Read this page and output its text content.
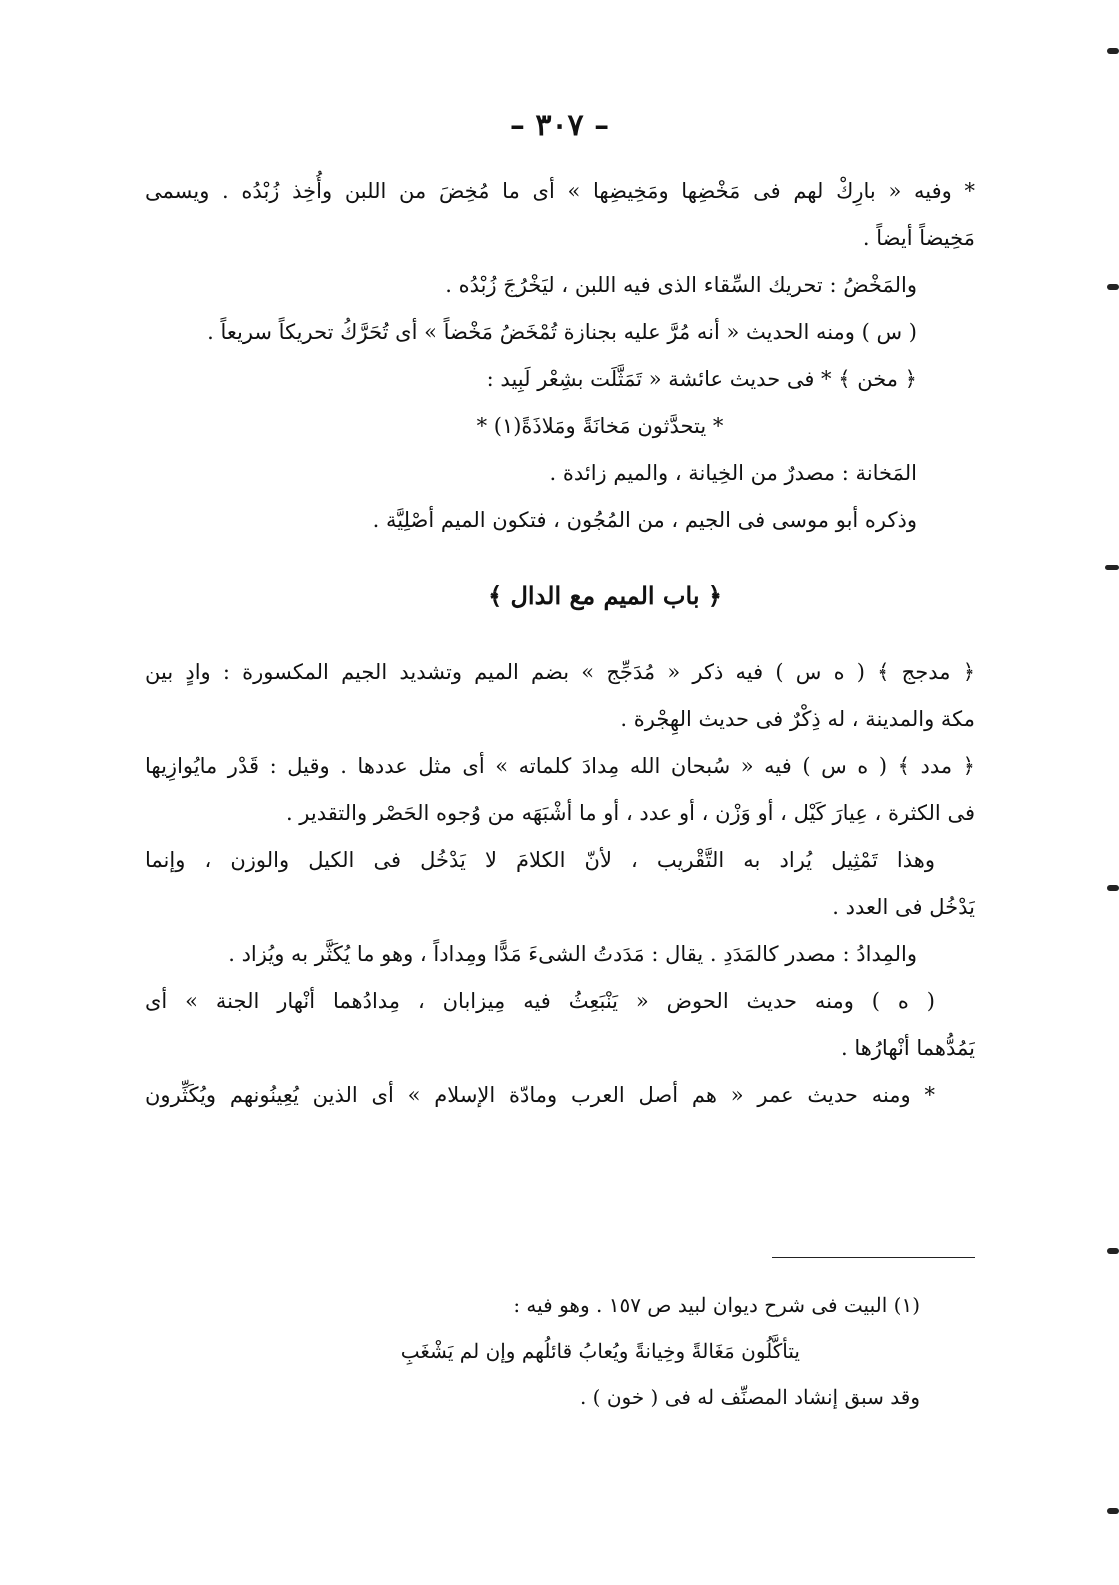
– ٣٠٧ –
* وفيه « بارِكْ لهم فى مَخْضِها ومَخِيضِها » أى ما مُخِضَ من اللبن وأُخِذ زُبْدُه . ويسمى
مَخِيضاً أيضاً .
والمَخْضُ : تحريك السِّقاء الذى فيه اللبن ، ليَخْرُجَ زُبْدُه .
( س ) ومنه الحديث « أنه مُرَّ عليه بجنازة تُمْخَضُ مَخْضاً » أى تُحَرَّكُ تحريكاً سريعاً .
﴿ مخن ﴾ * فى حديث عائشة « تَمَثَّلَت بشِعْر لَبِيد :
* يتحدَّثون مَخانَةً ومَلاذَةً(١) *
المَخانة : مصدرٌ من الخِيانة ، والميم زائدة .
وذكره أبو موسى فى الجيم ، من المُجُون ، فتكون الميم أصْلِيَّة .
﴿ باب الميم مع الدال ﴾
﴿ مدجج ﴾ ( ه س ) فيه ذكر « مُدَجِّج » بضم الميم وتشديد الجيم المكسورة : وادٍ بين
مكة والمدينة ، له ذِكْرٌ فى حديث الهِجْرة .
﴿ مدد ﴾ ( ه س ) فيه « سُبحان الله مِدادَ كلماته » أى مثل عددها . وقيل : قَدْر مايُوازِيها
فى الكثرة ، عِيارَ كَيْل ، أو وَزْن ، أو عدد ، أو ما أشْبَهَه من وُجوه الحَصْر والتقدير .
وهذا تَمْثِيل يُراد به التَّقْريب ، لأنّ الكلامَ لا يَدْخُل فى الكيل والوزن ، وإنما
يَدْخُل فى العدد .
والمِدادُ : مصدر كالمَدَدِ . يقال : مَدَدتُ الشىءَ مَدًّا ومِداداً ، وهو ما يُكَثَّر به ويُزاد .
( ه ) ومنه حديث الحوض « يَنْبَعِثُ فيه مِيزابان ، مِدادُهما أنْهار الجنة » أى
يَمُدُّهما أنْهارُها .
* ومنه حديث عمر « هم أصل العرب ومادّة الإسلام » أى الذين يُعِينُونهم ويُكَثِّرون
(١) البيت فى شرح ديوان لبيد ص ١٥٧ . وهو فيه :
يتأكَّلُون مَغَالةً وخِيانةً ويُعابُ قائلُهم وإن لم يَشْغَبِ
وقد سبق إنشاد المصنِّف له فى ( خون ) .
